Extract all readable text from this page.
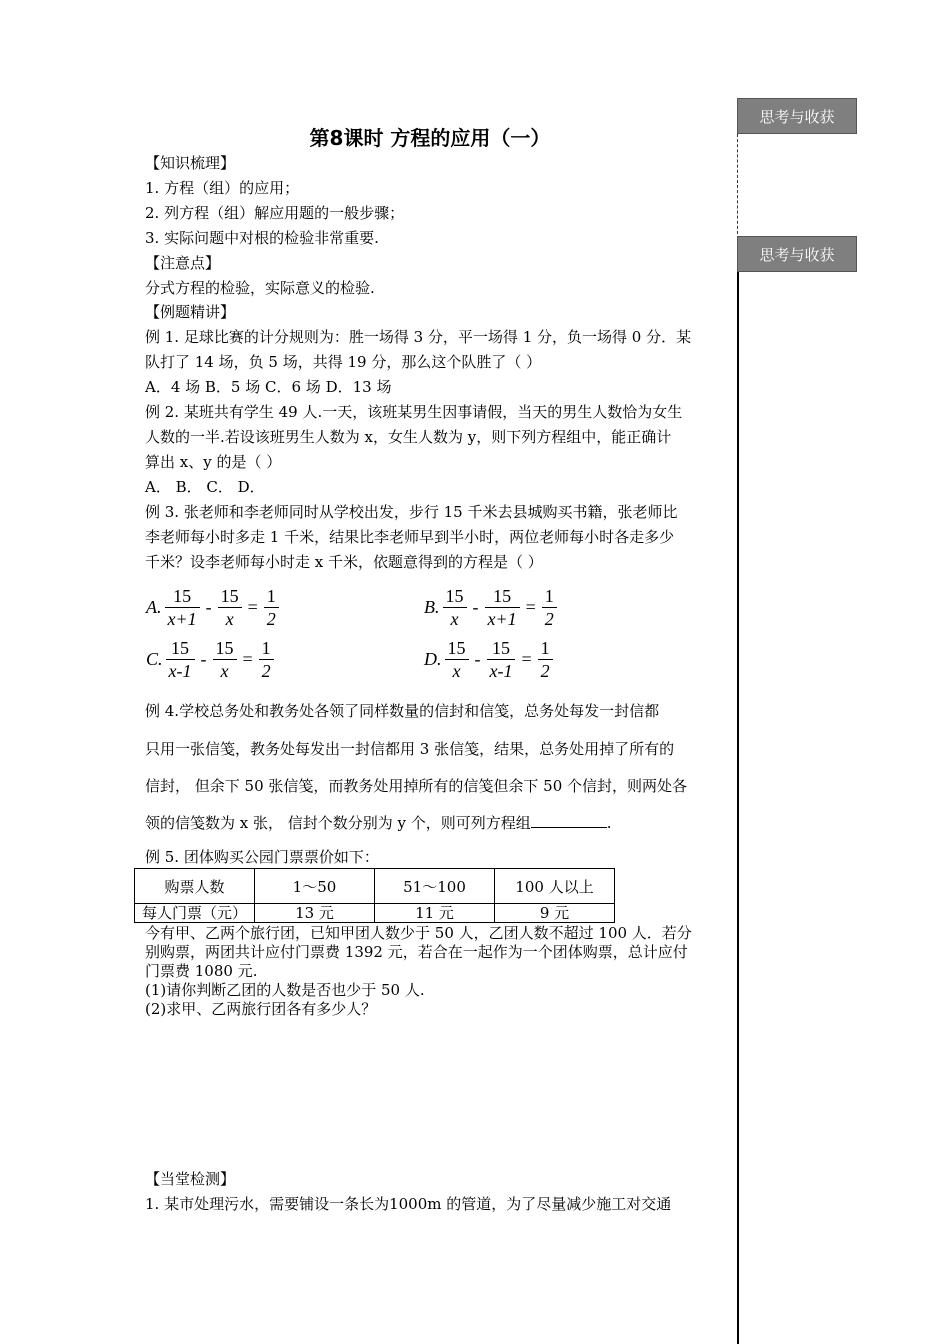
思考与收获
思考与收获
第8课时 方程的应用（一）
【知识梳理】
1. 方程（组）的应用；
2. 列方程（组）解应用题的一般步骤；
3. 实际问题中对根的检验非常重要.
【注意点】
分式方程的检验，实际意义的检验.
【例题精讲】
例 1. 足球比赛的计分规则为：胜一场得 3 分，平一场得 1 分，负一场得 0 分．某
队打了 14 场，负 5 场，共得 19 分，那么这个队胜了（ ）
A．4 场 B．5 场 C．6 场 D．13 场
例 2. 某班共有学生 49 人.一天，该班某男生因事请假，当天的男生人数恰为女生
人数的一半.若设该班男生人数为 x，女生人数为 y，则下列方程组中，能正确计
算出 x、y 的是（ ）
A． B． C． D．
例 3. 张老师和李老师同时从学校出发，步行 15 千米去县城购买书籍，张老师比
李老师每小时多走 1 千米，结果比李老师早到半小时，两位老师每小时各走多少
千米？设李老师每小时走 x 千米，依题意得到的方程是（ ）
A. $\frac{15}{x+1} - \frac{15}{x} = \frac{1}{2}$	B. $\frac{15}{x} - \frac{15}{x+1} = \frac{1}{2}$
C. $\frac{15}{x-1} - \frac{15}{x} = \frac{1}{2}$	D. $\frac{15}{x} - \frac{15}{x-1} = \frac{1}{2}$
例 4.学校总务处和教务处各领了同样数量的信封和信笺，总务处每发一封信都
只用一张信笺，教务处每发出一封信都用 3 张信笺，结果，总务处用掉了所有的
信封， 但余下 50 张信笺，而教务处用掉所有的信笺但余下 50 个信封，则两处各
领的信笺数为 x 张， 信封个数分别为 y 个，则可列方程组	.
例 5. 团体购买公园门票票价如下：
购票人数	1～50	51～100	100 人以上
每人门票（元）	13 元	11 元	9 元
今有甲、乙两个旅行团，已知甲团人数少于 50 人，乙团人数不超过 100 人．若分
别购票，两团共计应付门票费 1392 元，若合在一起作为一个团体购票，总计应付
门票费 1080 元.
(1)请你判断乙团的人数是否也少于 50 人.
(2)求甲、乙两旅行团各有多少人？
【当堂检测】
1. 某市处理污水，需要铺设一条长为1000m 的管道，为了尽量减少施工对交通
